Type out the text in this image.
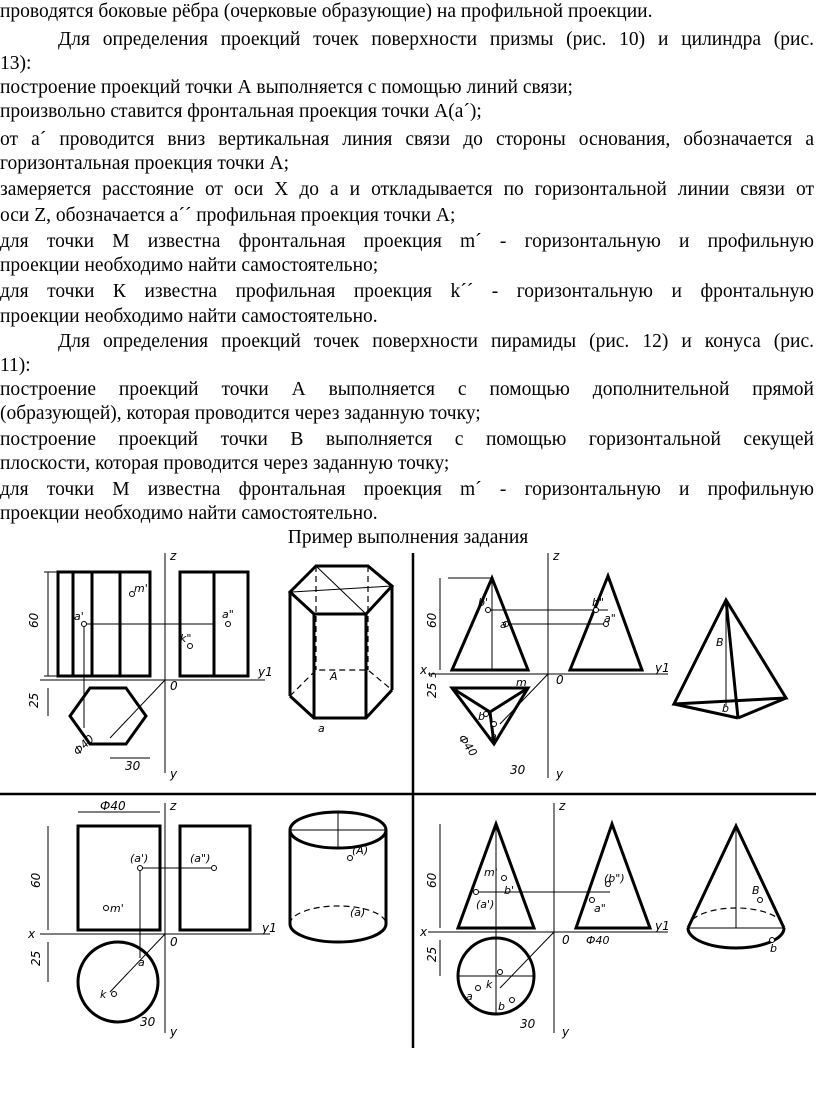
проводятся боковые рёбра (очерковые образующие) на профильной проекции.
Для определения проекций точек поверхности призмы (рис. 10) и цилиндра (рис.
13):
построение проекций точки А выполняется с помощью линий связи;
произвольно ставится фронтальная проекция точки А(а´);
от а´ проводится вниз вертикальная линия связи до стороны основания, обозначается а
горизонтальная проекция точки А;
замеряется расстояние от оси Х до а и откладывается по горизонтальной линии связи от
оси Z, обозначается а´´ профильная проекция точки А;
для точки М известна фронтальная проекция m´ - горизонтальную и профильную
проекции необходимо найти самостоятельно;
для точки К известна профильная проекция k´´ - горизонтальную и фронтальную
проекции необходимо найти самостоятельно.
Для определения проекций точек поверхности пирамиды (рис. 12) и конуса (рис.
11):
построение проекций точки А выполняется с помощью дополнительной прямой
(образующей), которая проводится через заданную точку;
построение проекций точки В выполняется с помощью горизонтальной секущей
плоскости, которая проводится через заданную точку;
для точки М известна фронтальная проекция m´ - горизонтальную и профильную
проекции необходимо найти самостоятельно.
Пример выполнения задания
60
25
30
Ф40
z
0
y1
y
a'
m'
k"
a"
A
a
60
25
5
30
Ф40
x
z
0
y1
y
b'
a'
b"
a"
m
b
a
B
b
Ф40
60
25
30
x
z
0
y1
y
(a')	(a")
m'
k
a
(A)
(a)
60
25
30
Ф40
x
z
0
y1
y
m'
b'
(a')
(b")
a"
a
k
b
B
b
